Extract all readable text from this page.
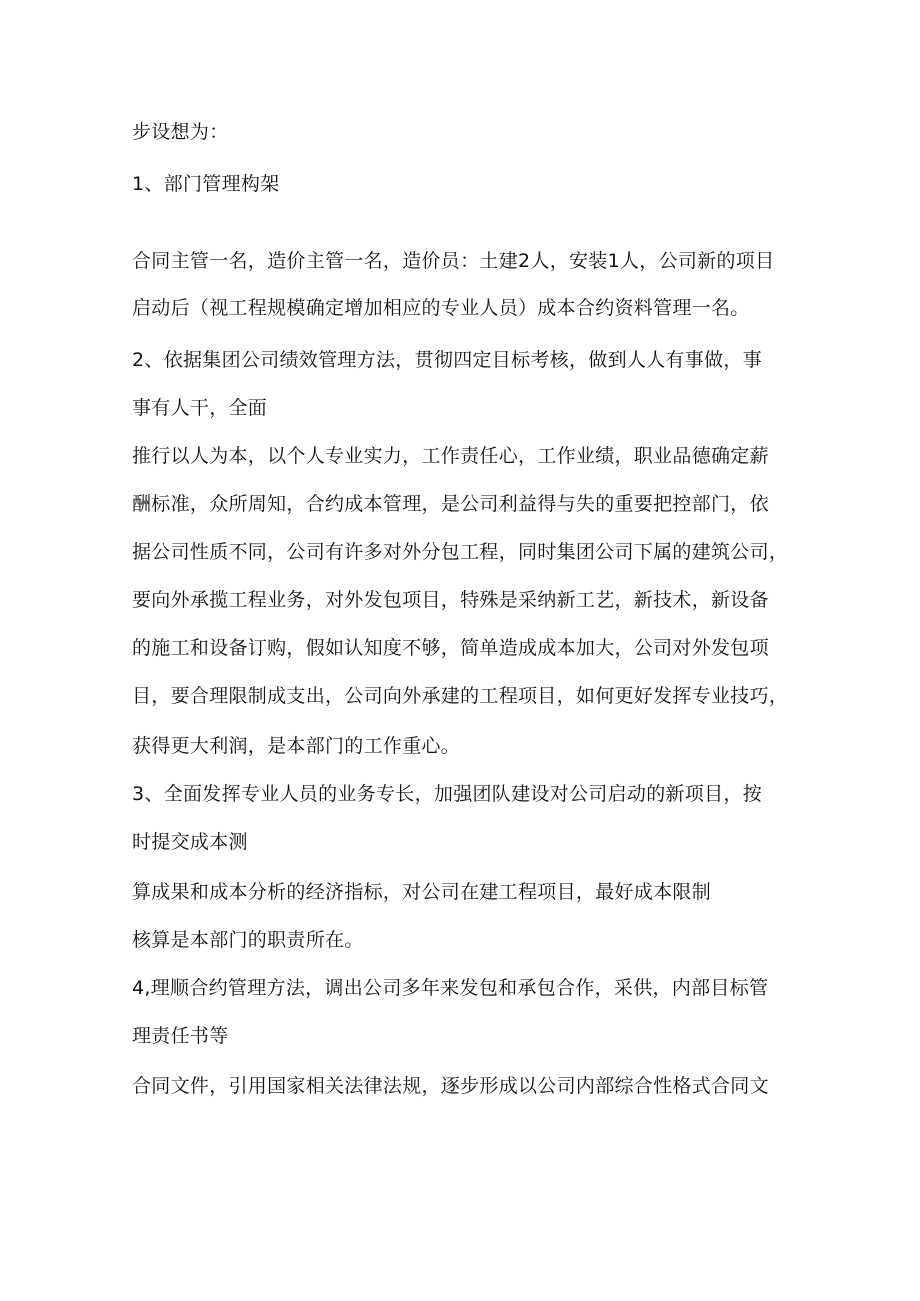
步设想为：
1、部门管理构架
合同主管一名，造价主管一名，造价员：土建2人，安装1人，公司新的项目
启动后（视工程规模确定增加相应的专业人员）成本合约资料管理一名。
2、依据集团公司绩效管理方法，贯彻四定目标考核，做到人人有事做，事
事有人干，全面
推行以人为本，以个人专业实力，工作责任心，工作业绩，职业品德确定薪
酬标准，众所周知，合约成本管理，是公司利益得与失的重要把控部门，依
据公司性质不同，公司有许多对外分包工程，同时集团公司下属的建筑公司，
要向外承揽工程业务，对外发包项目，特殊是采纳新工艺，新技术，新设备
的施工和设备订购，假如认知度不够，简单造成成本加大，公司对外发包项
目，要合理限制成支出，公司向外承建的工程项目，如何更好发挥专业技巧，
获得更大利润，是本部门的工作重心。
3、全面发挥专业人员的业务专长，加强团队建设对公司启动的新项目，按
时提交成本测
算成果和成本分析的经济指标，对公司在建工程项目，最好成本限制
核算是本部门的职责所在。
4,理顺合约管理方法，调出公司多年来发包和承包合作，采供，内部目标管
理责任书等
合同文件，引用国家相关法律法规，逐步形成以公司内部综合性格式合同文
